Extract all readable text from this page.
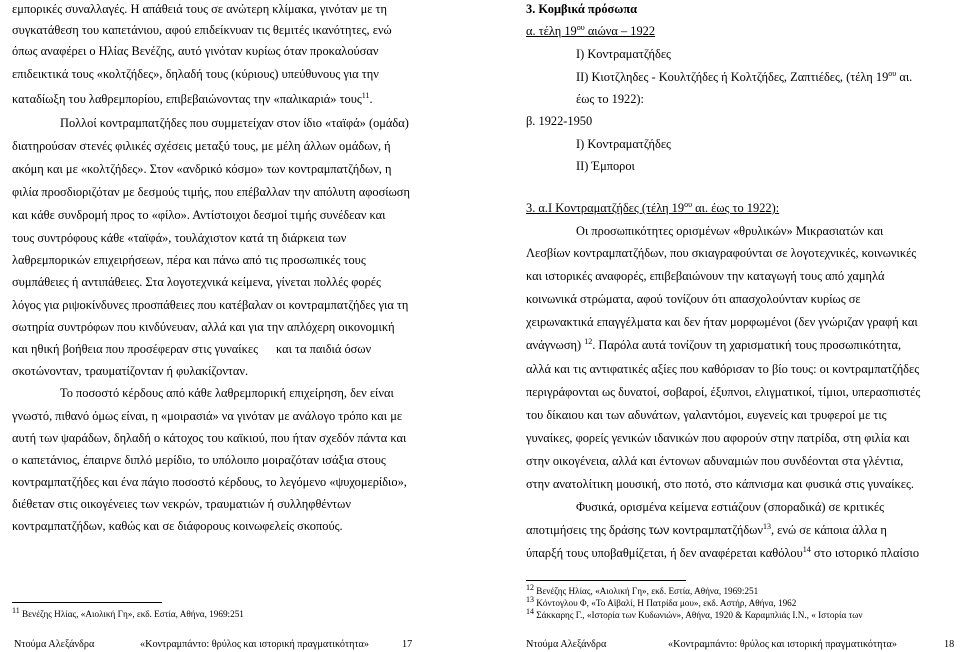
εμπορικές συναλλαγές. Η απάθειά τους σε ανώτερη κλίμακα, γινόταν με τη
συγκατάθεση του καπετάνιου, αφού επιδείκνυαν τις θεμιτές ικανότητες, ενώ
όπως αναφέρει ο Ηλίας Βενέζης, αυτό γινόταν κυρίως όταν προκαλούσαν
επιδεικτικά τους «κολτζήδες», δηλαδή τους (κύριους) υπεύθυνους για την
καταδίωξη του λαθρεμπορίου, επιβεβαιώνοντας την «παλικαριά» τους$^{11}$.
Πολλοί κοντραμπατζήδες που συμμετείχαν στον ίδιο «ταϊφά» (ομάδα)
διατηρούσαν στενές φιλικές σχέσεις μεταξύ τους, με μέλη άλλων ομάδων, ή
ακόμη και με «κολτζήδες». Στον «ανδρικό κόσμο» των κοντραμπατζήδων, η
φιλία προσδιοριζόταν με δεσμούς τιμής, που επέβαλλαν την απόλυτη αφοσίωση
και κάθε συνδρομή προς το «φίλο». Αντίστοιχοι δεσμοί τιμής συνέδεαν και
τους συντρόφους κάθε «ταϊφά», τουλάχιστον κατά τη διάρκεια των
λαθρεμπορικών επιχειρήσεων, πέρα και πάνω από τις προσωπικές τους
συμπάθειες ή αντιπάθειες. Στα λογοτεχνικά κείμενα, γίνεται πολλές φορές
λόγος για ριψοκίνδυνες προσπάθειες που κατέβαλαν οι κοντραμπατζήδες για τη
σωτηρία συντρόφων που κινδύνευαν, αλλά και για την απλόχερη οικονομική
και ηθική βοήθεια που προσέφεραν στις γυναίκες και τα παιδιά όσων
σκοτώνονταν, τραυματίζονταν ή φυλακίζονταν.
Το ποσοστό κέρδους από κάθε λαθρεμπορική επιχείρηση, δεν είναι
γνωστό, πιθανό όμως είναι, η «μοιρασιά» να γινόταν με ανάλογο τρόπο και με
αυτή των ψαράδων, δηλαδή ο κάτοχος του καϊκιού, που ήταν σχεδόν πάντα και
ο καπετάνιος, έπαιρνε διπλό μερίδιο, το υπόλοιπο μοιραζόταν ισάξια στους
κοντραμπατζήδες και ένα πάγιο ποσοστό κέρδους, το λεγόμενο «ψυχομερίδιο»,
διέθεταν στις οικογένειες των νεκρών, τραυματιών ή συλληφθέντων
κοντραμπατζήδων, καθώς και σε διάφορους κοινωφελείς σκοπούς.
$^{11}$ Βενέζης Ηλίας, «Αιολική Γη», εκδ. Εστία, Αθήνα, 1969:251
Ντούμα Αλεξάνδρα	«Κοντραμπάντο: θρύλος και ιστορική πραγματικότητα»	17
3. Κομβικά πρόσωπα
α. τέλη $19^{o\upsilon}$ αιώνα – 1922
I) Κοντραματζήδες
II) Κιοτζληδες - Κουλτζήδες ή Κολτζήδες, Ζαπτιέδες, (τέλη $19^{o\upsilon}$ αι.
έως το 1922):
β. 1922-1950
I) Κοντραματζήδες
II) Έμποροι
3. α.I Κοντραματζήδες (τέλη $19^{o\upsilon}$ αι. έως το 1922):
Οι προσωπικότητες ορισμένων «θρυλικών» Μικρασιατών και
Λεσβίων κοντραμπατζήδων, που σκιαγραφούνται σε λογοτεχνικές, κοινωνικές
και ιστορικές αναφορές, επιβεβαιώνουν την καταγωγή τους από χαμηλά
κοινωνικά στρώματα, αφού τονίζουν ότι απασχολούνταν κυρίως σε
χειρωνακτικά επαγγέλματα και δεν ήταν μορφωμένοι (δεν γνώριζαν γραφή και
ανάγνωση) $^{12}$. Παρόλα αυτά τονίζουν τη χαρισματική τους προσωπικότητα,
αλλά και τις αντιφατικές αξίες που καθόρισαν το βίο τους: οι κοντραμπατζήδες
περιγράφονται ως δυνατοί, σοβαροί, έξυπνοι, ελιγματικοί, τίμιοι, υπερασπιστές
του δίκαιου και των αδυνάτων, γαλαντόμοι, ευγενείς και τρυφεροί με τις
γυναίκες, φορείς γενικών ιδανικών που αφορούν στην πατρίδα, στη φιλία και
στην οικογένεια, αλλά και έντονων αδυναμιών που συνδέονται στα γλέντια,
στην ανατολίτικη μουσική, στο ποτό, στο κάπνισμα και φυσικά στις γυναίκες.
Φυσικά, ορισμένα κείμενα εστιάζουν (σποραδικά) σε κριτικές
αποτιμήσεις της δράσης των κοντραμπατζήδων$^{13}$, ενώ σε κάποια άλλα η
ύπαρξή τους υποβαθμίζεται, ή δεν αναφέρεται καθόλου$^{14}$ στο ιστορικό πλαίσιο
$^{12}$ Βενέζης Ηλίας, «Αιολική Γη», εκδ. Εστία, Αθήνα, 1969:251
$^{13}$ Κόντογλου Φ, «Το Αϊβαλί, Η Πατρίδα μου», εκδ. Αστήρ, Αθήνα, 1962
$^{14}$ Σάκκαρης Γ., «Ιστορία των Κυδωνιών», Αθήνα, 1920 & Καραμπλιάς I.N., « Ιστορία των
Ντούμα Αλεξάνδρα	«Κοντραμπάντο: θρύλος και ιστορική πραγματικότητα»	18
